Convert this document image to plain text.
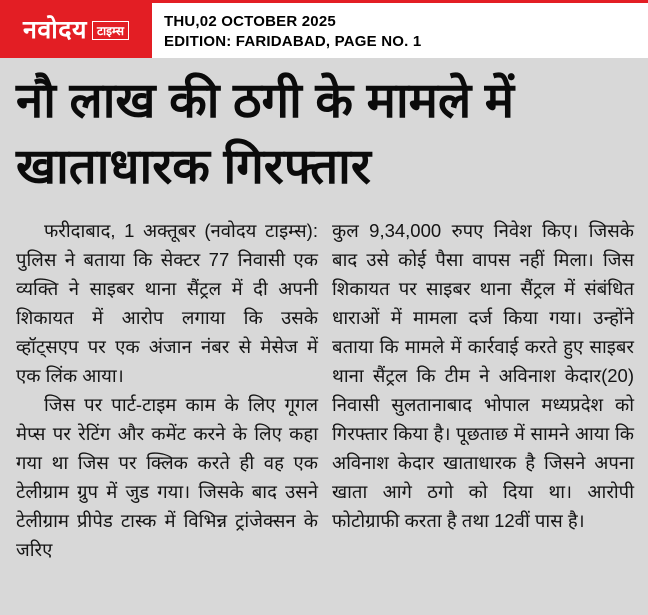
नवोदय टाइम्स
THU,02 OCTOBER 2025
EDITION: FARIDABAD, PAGE NO. 1
नौ लाख की ठगी के मामले में
खाताधारक गिरफ्तार

फरीदाबाद, 1 अक्तूबर (नवोदय टाइम्स): पुलिस ने बताया कि सेक्टर 77 निवासी एक व्यक्ति ने साइबर थाना सैंट्रल में दी अपनी शिकायत में आरोप लगाया कि उसके व्हॉट्सएप पर एक अंजान नंबर से मेसेज में एक लिंक आया।

जिस पर पार्ट-टाइम काम के लिए गूगल मेप्स पर रेटिंग और कमेंट करने के लिए कहा गया था जिस पर क्लिक करते ही वह एक टेलीग्राम ग्रुप में जुड गया। जिसके बाद उसने टेलीग्राम प्रीपेड टास्क में विभिन्न ट्रांजेक्सन के जरिए

कुल 9,34,000 रुपए निवेश किए। जिसके बाद उसे कोई पैसा वापस नहीं मिला। जिस शिकायत पर साइबर थाना सैंट्रल में संबंधित धाराओं में मामला दर्ज किया गया। उन्होंने बताया कि मामले में कार्रवाई करते हुए साइबर थाना सैंट्रल कि टीम ने अविनाश केदार(20) निवासी सुलतानाबाद भोपाल मध्यप्रदेश को गिरफ्तार किया है। पूछताछ में सामने आया कि अविनाश केदार खाताधारक है जिसने अपना खाता आगे ठगो को दिया था। आरोपी फोटोग्राफी करता है तथा 12वीं पास है।
